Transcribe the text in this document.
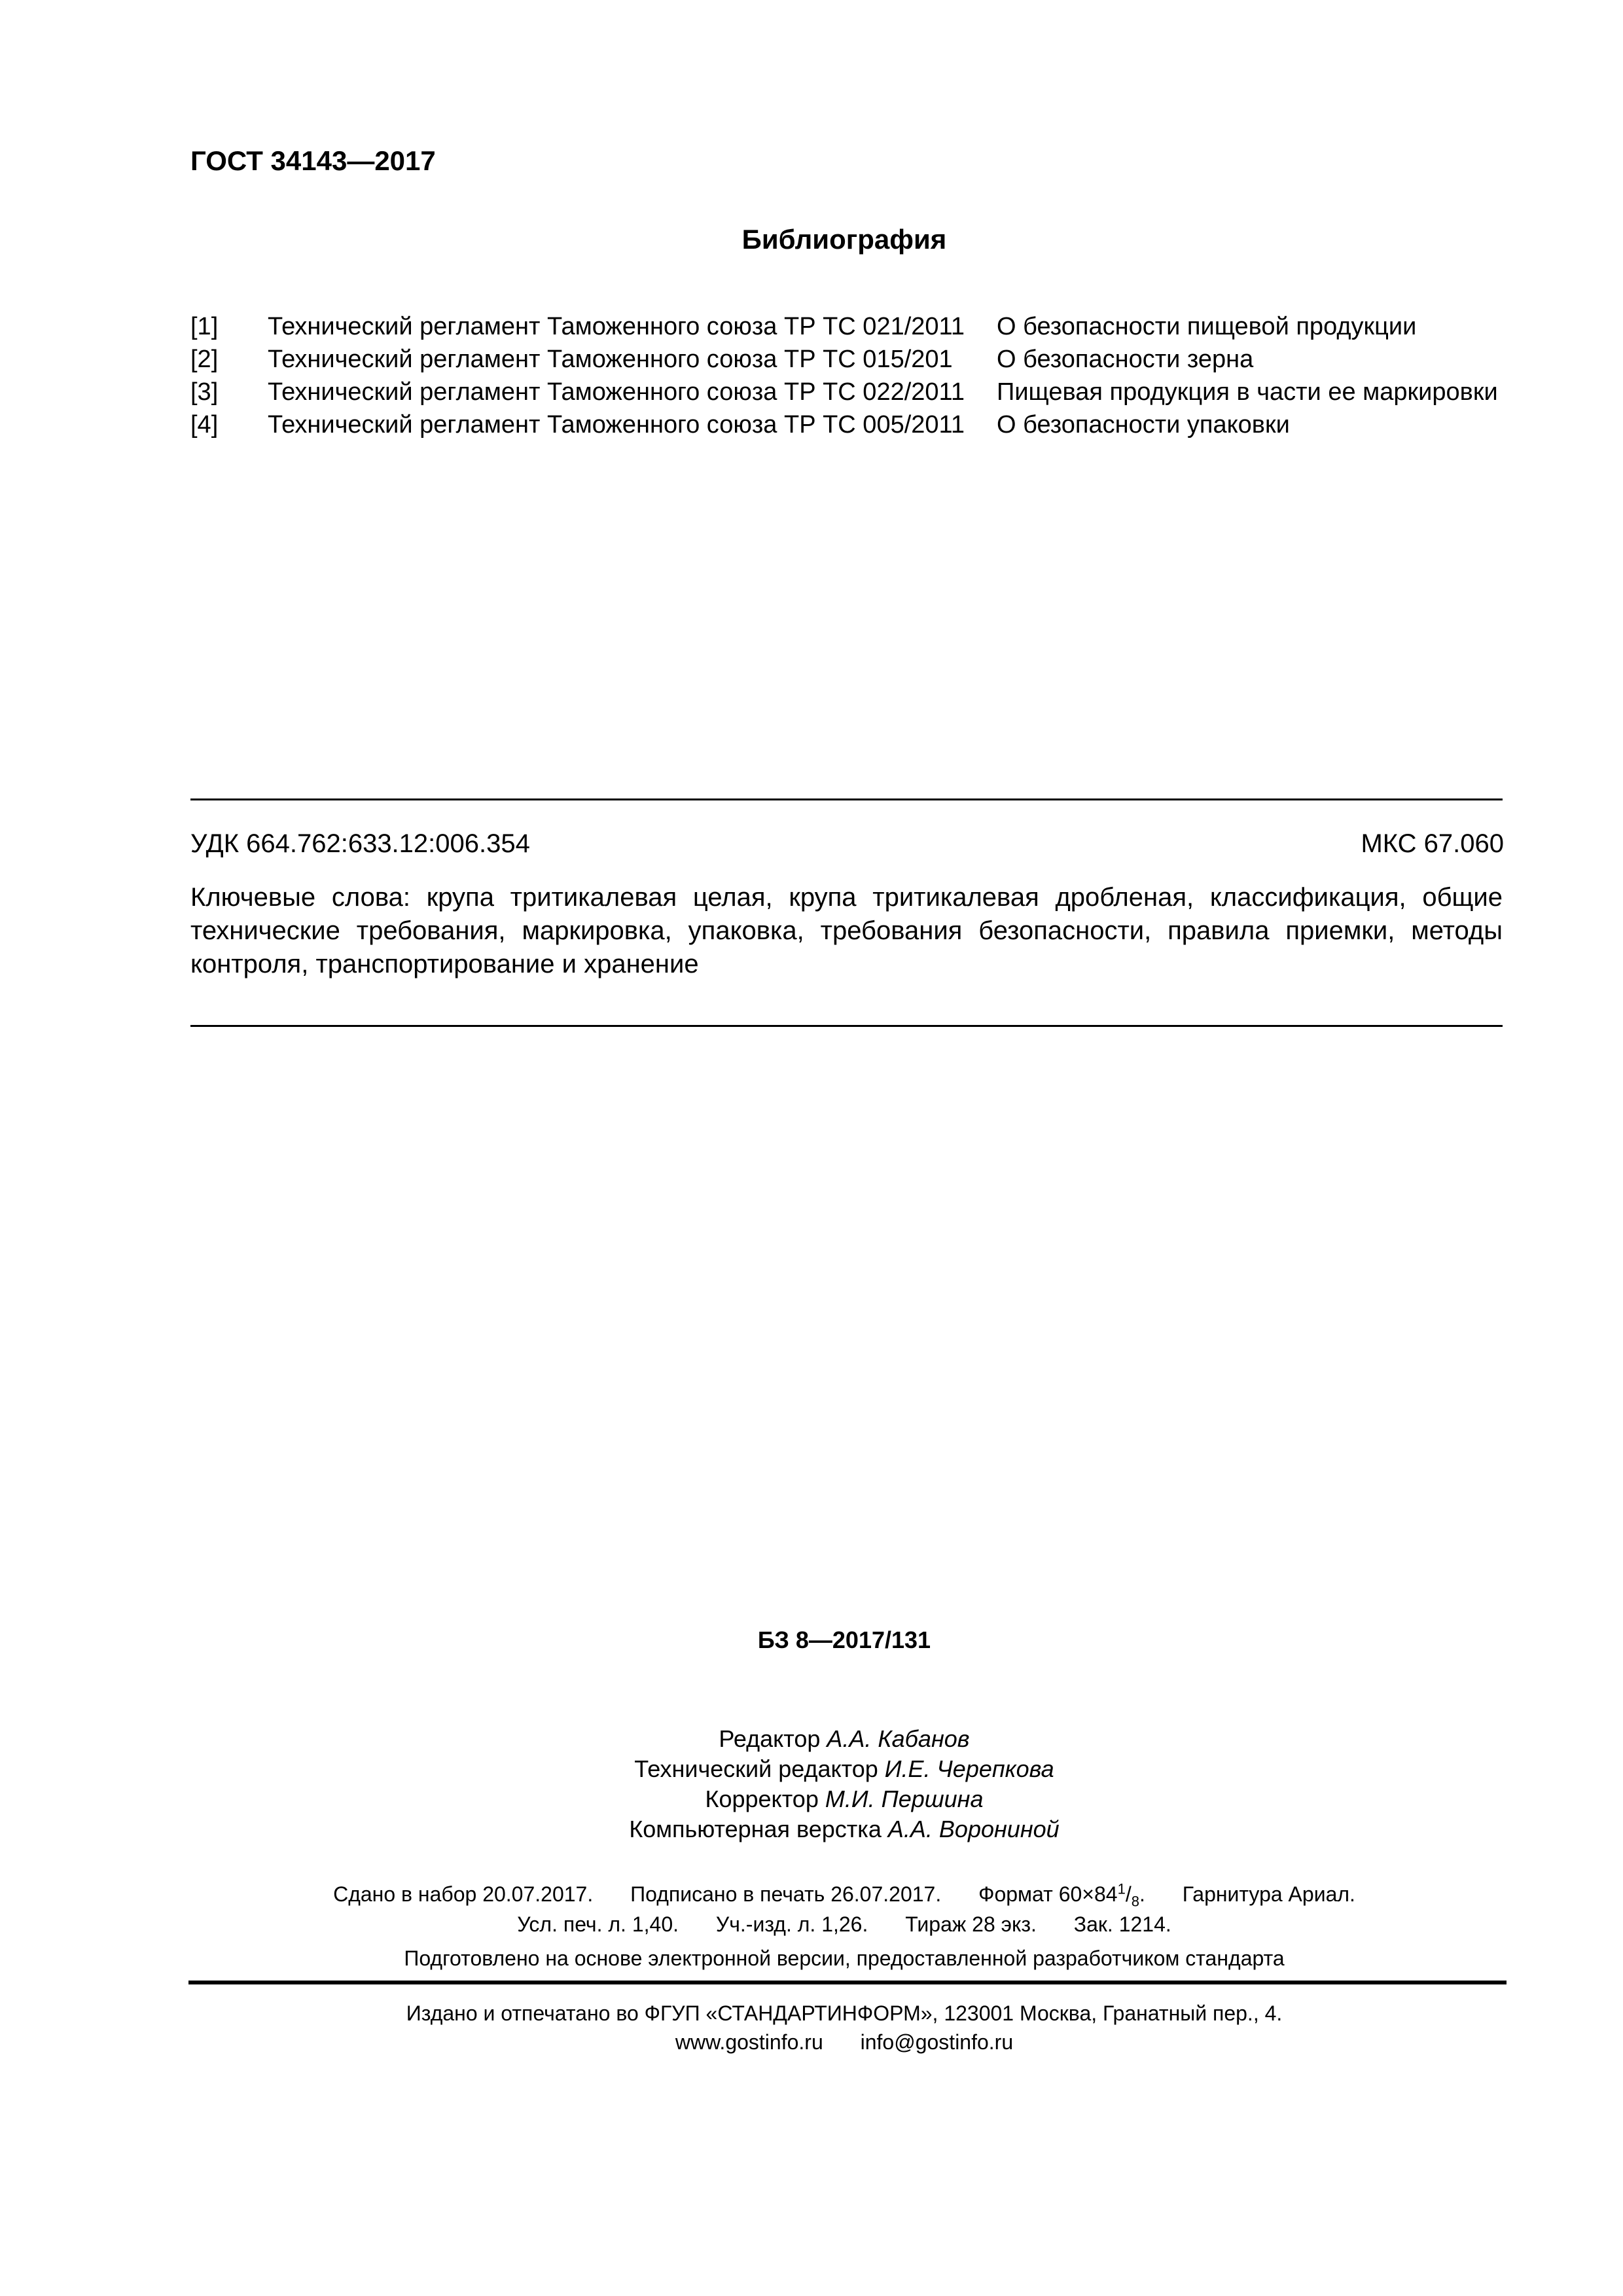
ГОСТ 34143—2017
Библиография
[1] Технический регламент Таможенного союза ТР ТС 021/2011 О безопасности пищевой продукции
[2] Технический регламент Таможенного союза ТР ТС 015/201 О безопасности зерна
[3] Технический регламент Таможенного союза ТР ТС 022/2011 Пищевая продукция в части ее маркировки
[4] Технический регламент Таможенного союза ТР ТС 005/2011 О безопасности упаковки
УДК 664.762:633.12:006.354	МКС 67.060
Ключевые слова: крупа тритикалевая целая, крупа тритикалевая дробленая, классификация, общие технические требования, маркировка, упаковка, требования безопасности, правила приемки, методы контроля, транспортирование и хранение
БЗ 8—2017/131
Редактор А.А. Кабанов
Технический редактор И.Е. Черепкова
Корректор М.И. Першина
Компьютерная верстка А.А. Ворониной
Сдано в набор 20.07.2017. Подписано в печать 26.07.2017. Формат $60\times 84^1/_8$. Гарнитура Ариал.
Усл. печ. л. 1,40. Уч.-изд. л. 1,26. Тираж 28 экз. Зак. 1214.
Подготовлено на основе электронной версии, предоставленной разработчиком стандарта
Издано и отпечатано во ФГУП «СТАНДАРТИНФОРМ», 123001 Москва, Гранатный пер., 4.
www.gostinfo.ru info@gostinfo.ru
